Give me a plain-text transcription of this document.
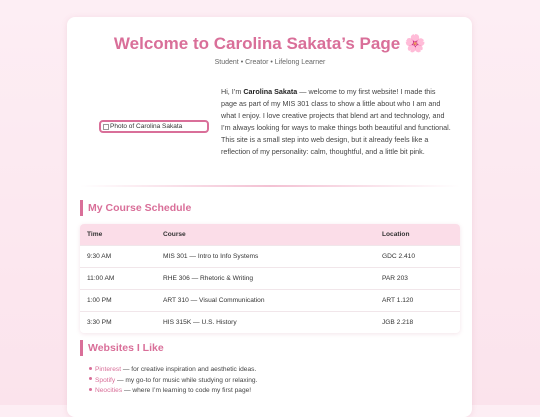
Welcome to Carolina Sakata’s Page 🌸
Student • Creator • Lifelong Learner
Photo of Carolina Sakata

Hi, I’m Carolina Sakata — welcome to my first website! I made this page as part of my MIS 301 class to show a little about who I am and what I enjoy. I love creative projects that blend art and technology, and I’m always looking for ways to make things both beautiful and functional. This site is a small step into web design, but it already feels like a reflection of my personality: calm, thoughtful, and a little bit pink.

My Course Schedule
Time	Course	Location
9:30 AM	MIS 301 — Intro to Info Systems	GDC 2.410
11:00 AM	RHE 306 — Rhetoric & Writing	PAR 203
1:00 PM	ART 310 — Visual Communication	ART 1.120
3:30 PM	HIS 315K — U.S. History	JGB 2.218
Websites I Like
Pinterest — for creative inspiration and aesthetic ideas.
Spotify — my go-to for music while studying or relaxing.
Neocities — where I’m learning to code my first page!
